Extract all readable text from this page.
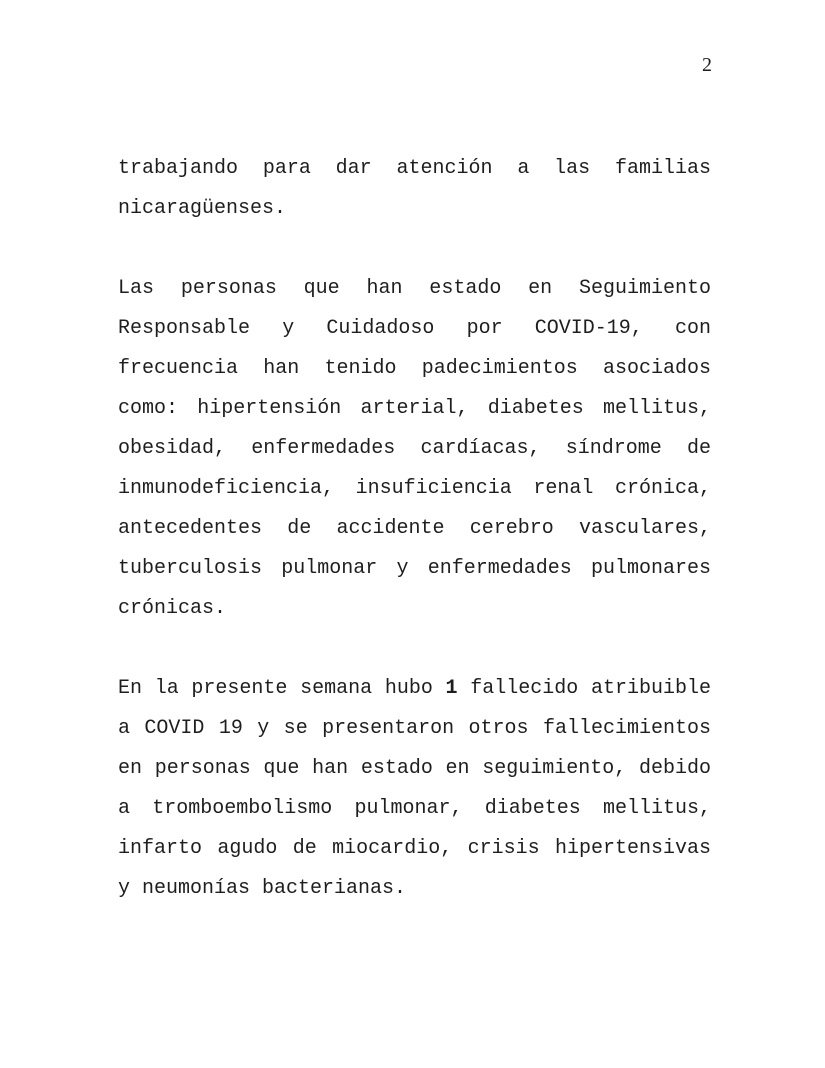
2

trabajando para dar atención a las familias nicaragüenses.

Las personas que han estado en Seguimiento Responsable y Cuidadoso por COVID-19, con frecuencia han tenido padecimientos asociados como: hipertensión arterial, diabetes mellitus, obesidad, enfermedades cardíacas, síndrome de inmunodeficiencia, insuficiencia renal crónica, antecedentes de accidente cerebro vasculares, tuberculosis pulmonar y enfermedades pulmonares crónicas.

En la presente semana hubo 1 fallecido atribuible a COVID 19 y se presentaron otros fallecimientos en personas que han estado en seguimiento, debido a tromboembolismo pulmonar, diabetes mellitus, infarto agudo de miocardio, crisis hipertensivas y neumonías bacterianas.
